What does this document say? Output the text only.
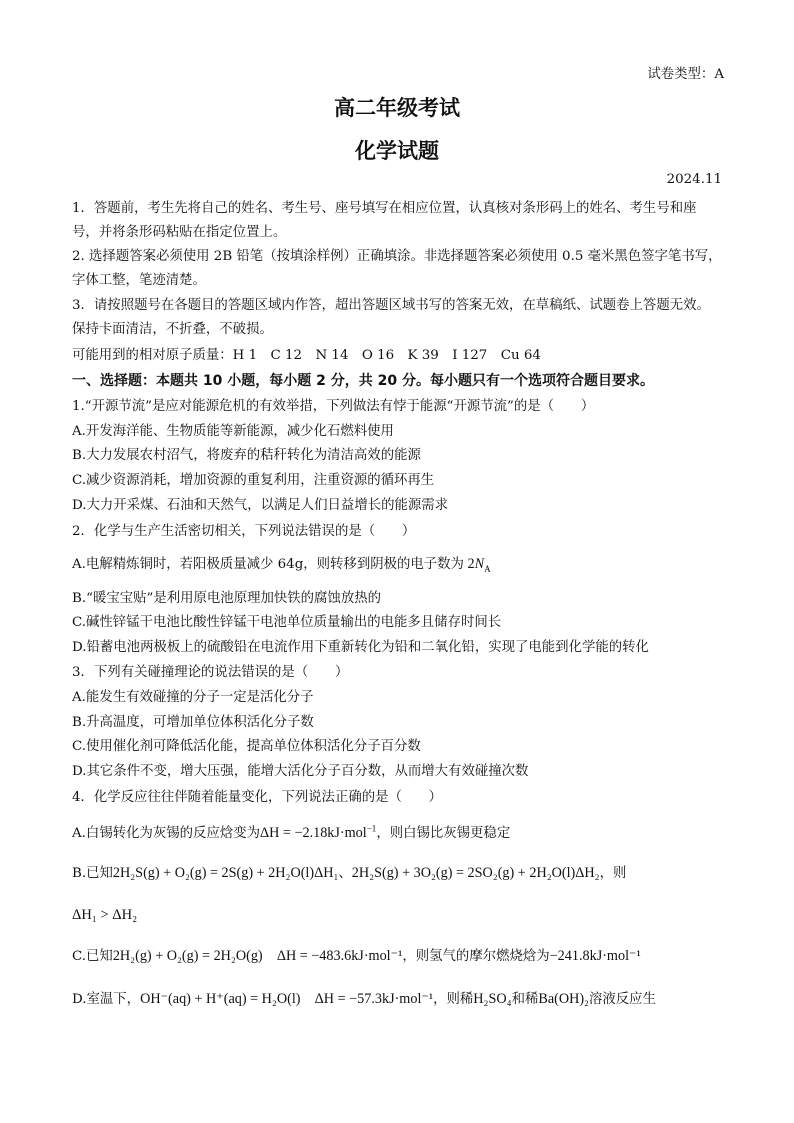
试卷类型：A
高二年级考试
化学试题
2024.11
1．答题前，考生先将自己的姓名、考生号、座号填写在相应位置，认真核对条形码上的姓名、考生号和座
号，并将条形码粘贴在指定位置上。
2. 选择题答案必须使用 2B 铅笔（按填涂样例）正确填涂。非选择题答案必须使用 0.5 毫米黑色签字笔书写，
字体工整，笔迹清楚。
3．请按照题号在各题目的答题区域内作答，超出答题区域书写的答案无效，在草稿纸、试题卷上答题无效。
保持卡面清洁，不折叠，不破损。
可能用到的相对原子质量：H 1　C 12　N 14　O 16　K 39　I 127　Cu 64
一、选择题：本题共 10 小题，每小题 2 分，共 20 分。每小题只有一个选项符合题目要求。
1.“开源节流”是应对能源危机的有效举措，下列做法有悖于能源“开源节流”的是（　　）
A.开发海洋能、生物质能等新能源，减少化石燃料使用
B.大力发展农村沼气，将废弃的秸秆转化为清洁高效的能源
C.减少资源消耗，增加资源的重复利用，注重资源的循环再生
D.大力开采煤、石油和天然气，以满足人们日益增长的能源需求
2．化学与生产生活密切相关，下列说法错误的是（　　）
A.电解精炼铜时，若阳极质量减少 64g，则转移到阴极的电子数为 $2N_A$
B.“暖宝宝贴”是利用原电池原理加快铁的腐蚀放热的
C.碱性锌锰干电池比酸性锌锰干电池单位质量输出的电能多且储存时间长
D.铅蓄电池两极板上的硫酸铅在电流作用下重新转化为铅和二氧化铅，实现了电能到化学能的转化
3．下列有关碰撞理论的说法错误的是（　　）
A.能发生有效碰撞的分子一定是活化分子
B.升高温度，可增加单位体积活化分子数
C.使用催化剂可降低活化能，提高单位体积活化分子百分数
D.其它条件不变，增大压强，能增大活化分子百分数，从而增大有效碰撞次数
4．化学反应往往伴随着能量变化，下列说法正确的是（　　）
A.白锡转化为灰锡的反应焓变为ΔH = −2.18kJ·mol$^{-1}$，则白锡比灰锡更稳定
B.已知2H₂S(g) + O₂(g) = 2S(g) + 2H₂O(l)ΔH₁、2H₂S(g) + 3O₂(g) = 2SO₂(g) + 2H₂O(l)ΔH₂，则
ΔH₁ > ΔH₂
C.已知2H₂(g) + O₂(g) = 2H₂O(g)　ΔH = −483.6kJ·mol⁻¹，则氢气的摩尔燃烧焓为−241.8kJ·mol⁻¹
D.室温下，OH⁻(aq) + H⁺(aq) = H₂O(l)　ΔH = −57.3kJ·mol⁻¹，则稀H₂SO₄和稀Ba(OH)₂溶液反应生
